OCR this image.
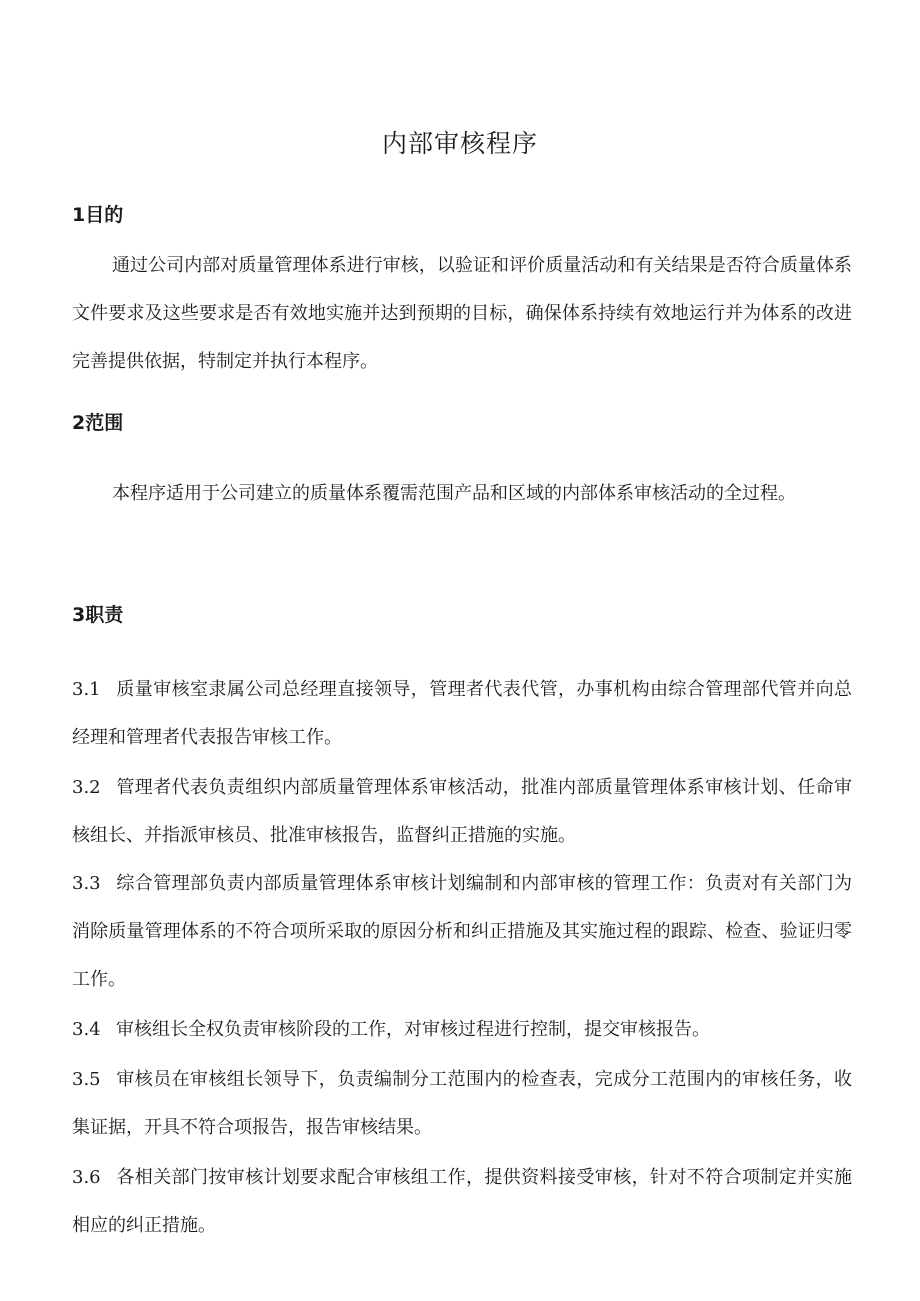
内部审核程序
1目的

通过公司内部对质量管理体系进行审核，以验证和评价质量活动和有关结果是否符合质量体系文件要求及这些要求是否有效地实施并达到预期的目标，确保体系持续有效地运行并为体系的改进完善提供依据，特制定并执行本程序。

2范围

本程序适用于公司建立的质量体系覆需范围产品和区域的内部体系审核活动的全过程。

3职责

3.1 质量审核室隶属公司总经理直接领导，管理者代表代管，办事机构由综合管理部代管并向总经理和管理者代表报告审核工作。

3.2 管理者代表负责组织内部质量管理体系审核活动，批准内部质量管理体系审核计划、任命审核组长、并指派审核员、批准审核报告，监督纠正措施的实施。

3.3 综合管理部负责内部质量管理体系审核计划编制和内部审核的管理工作：负责对有关部门为消除质量管理体系的不符合项所采取的原因分析和纠正措施及其实施过程的跟踪、检查、验证归零工作。

3.4 审核组长全权负责审核阶段的工作，对审核过程进行控制，提交审核报告。

3.5 审核员在审核组长领导下，负责编制分工范围内的检查表，完成分工范围内的审核任务，收集证据，开具不符合项报告，报告审核结果。

3.6 各相关部门按审核计划要求配合审核组工作，提供资料接受审核，针对不符合项制定并实施相应的纠正措施。
